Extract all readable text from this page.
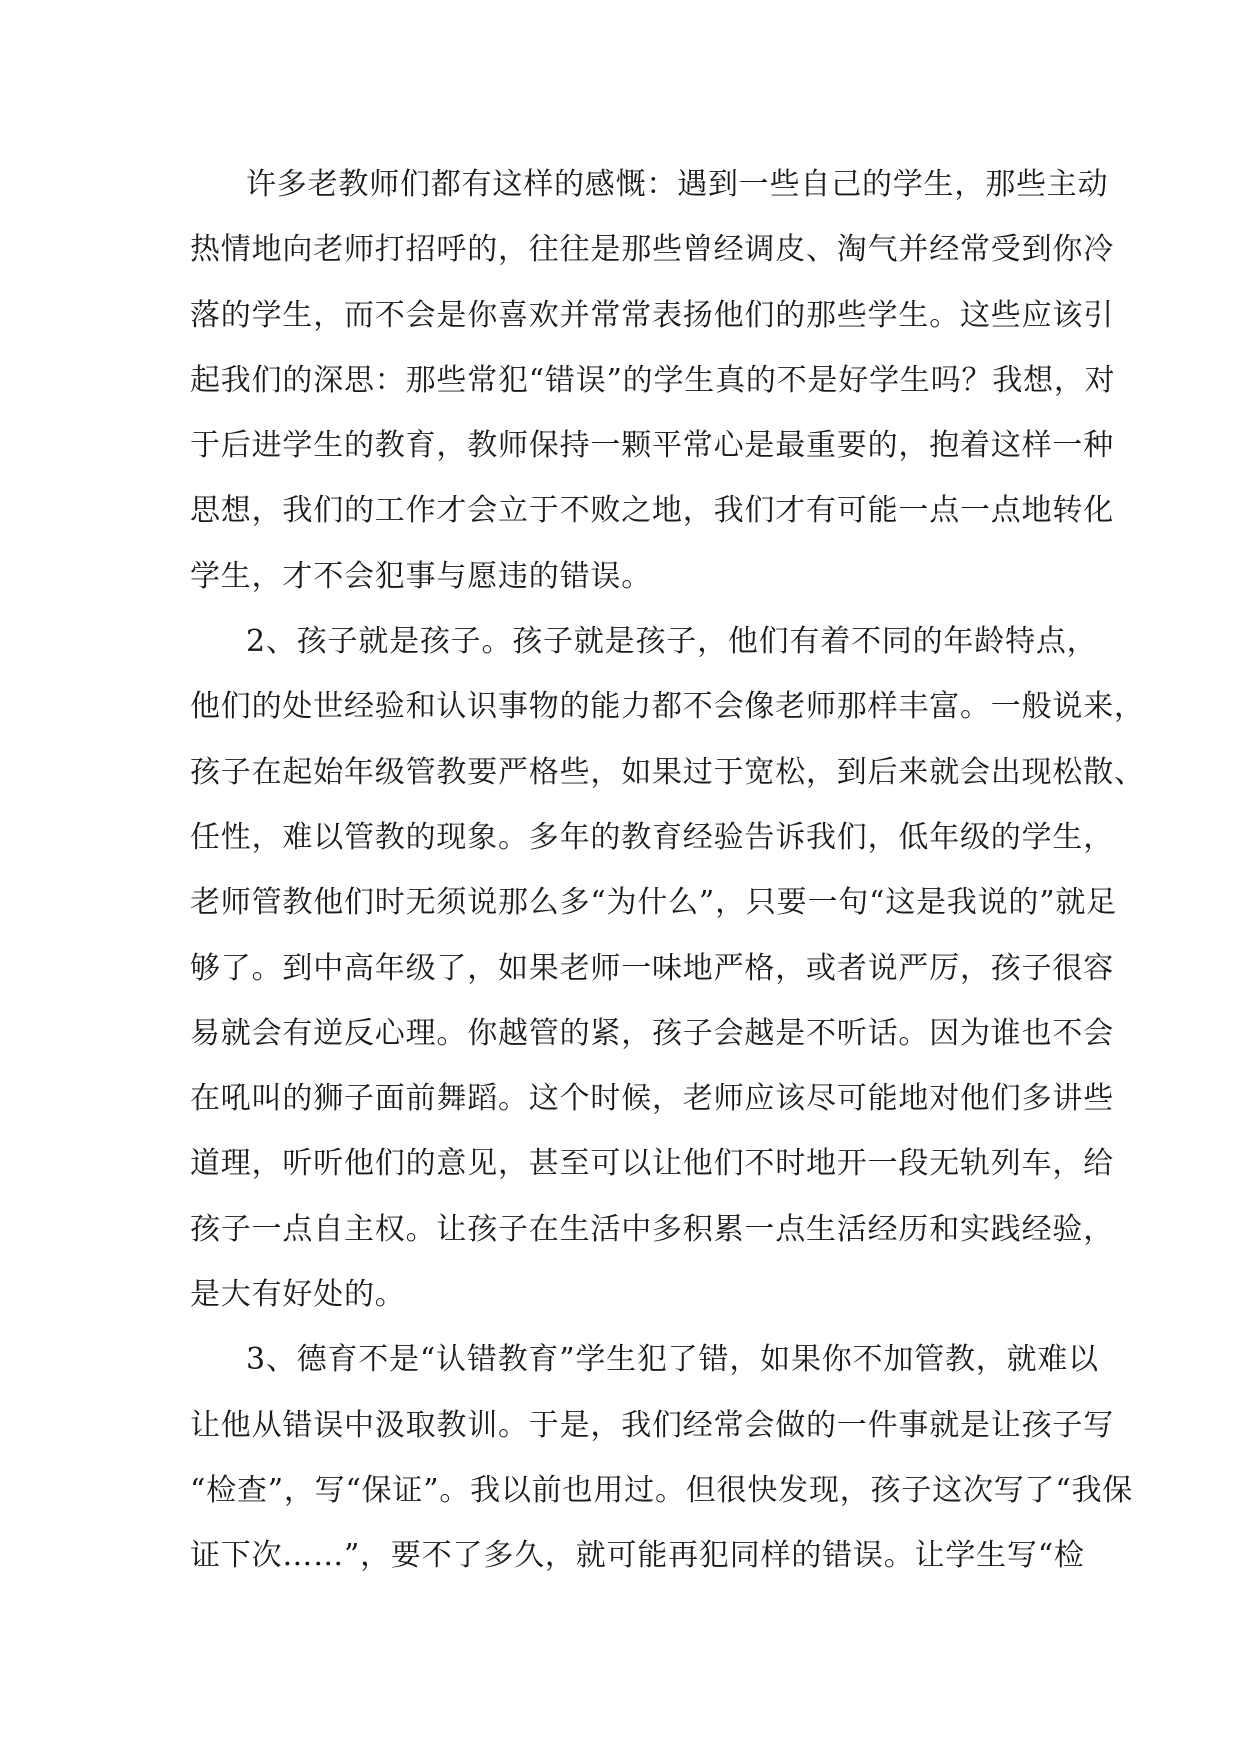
许多老教师们都有这样的感慨：遇到一些自己的学生，那些主动
热情地向老师打招呼的，往往是那些曾经调皮、淘气并经常受到你冷
落的学生，而不会是你喜欢并常常表扬他们的那些学生。这些应该引
起我们的深思：那些常犯“错误”的学生真的不是好学生吗？我想，对
于后进学生的教育，教师保持一颗平常心是最重要的，抱着这样一种
思想，我们的工作才会立于不败之地，我们才有可能一点一点地转化
学生，才不会犯事与愿违的错误。
2、孩子就是孩子。孩子就是孩子，他们有着不同的年龄特点，
他们的处世经验和认识事物的能力都不会像老师那样丰富。一般说来，
孩子在起始年级管教要严格些，如果过于宽松，到后来就会出现松散、
任性，难以管教的现象。多年的教育经验告诉我们，低年级的学生，
老师管教他们时无须说那么多“为什么”，只要一句“这是我说的”就足
够了。到中高年级了，如果老师一味地严格，或者说严厉，孩子很容
易就会有逆反心理。你越管的紧，孩子会越是不听话。因为谁也不会
在吼叫的狮子面前舞蹈。这个时候，老师应该尽可能地对他们多讲些
道理，听听他们的意见，甚至可以让他们不时地开一段无轨列车，给
孩子一点自主权。让孩子在生活中多积累一点生活经历和实践经验，
是大有好处的。
3、德育不是“认错教育”学生犯了错，如果你不加管教，就难以
让他从错误中汲取教训。于是，我们经常会做的一件事就是让孩子写
“检查”，写“保证”。我以前也用过。但很快发现，孩子这次写了“我保
证下次……”，要不了多久，就可能再犯同样的错误。让学生写“检
